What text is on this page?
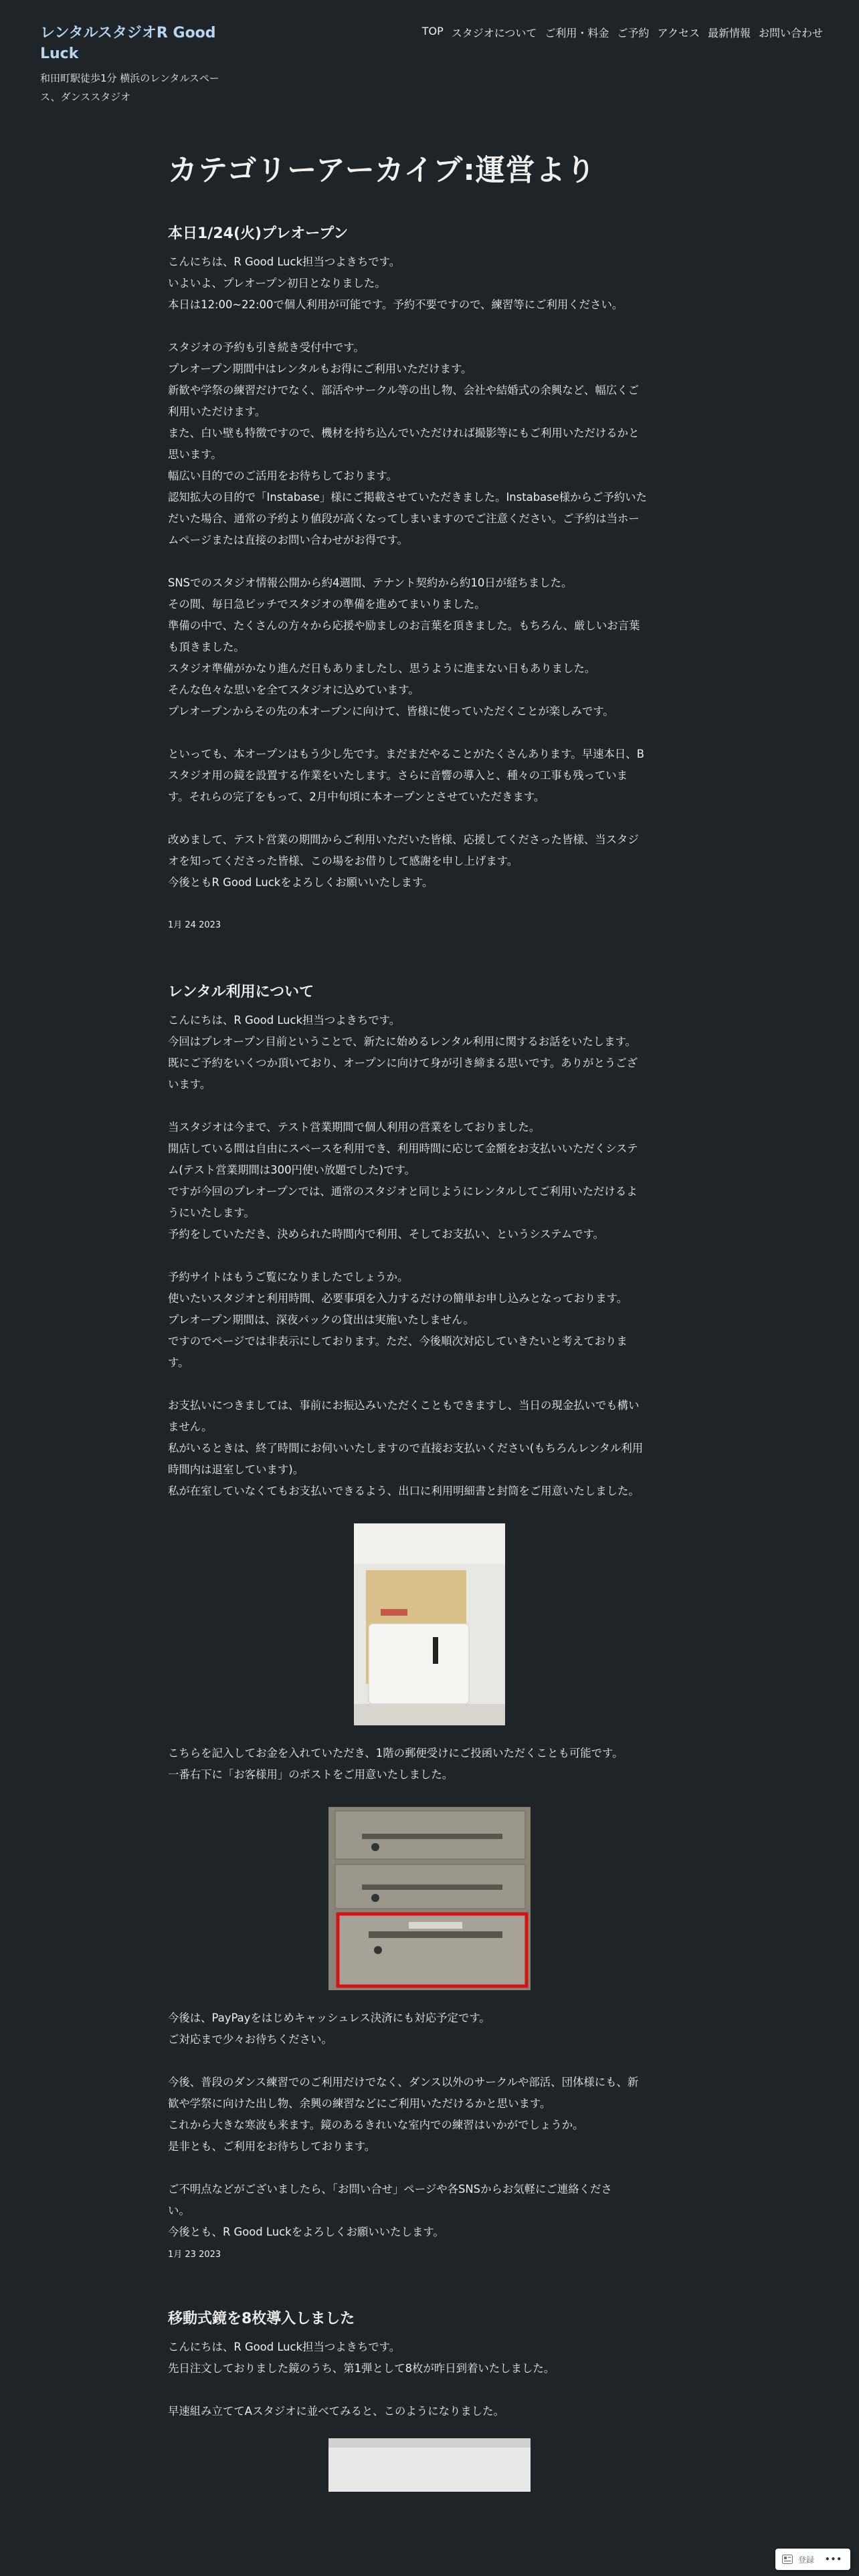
レンタルスタジオR Good Luck
和田町駅徒歩1分 横浜のレンタルスペース、ダンススタジオ
TOP スタジオについて ご利用・料金 ご予約 アクセス 最新情報 お問い合わせ
カテゴリーアーカイブ:運営より
本日1/24(火)プレオープン

こんにちは、R Good Luck担当つよきちです。
いよいよ、プレオープン初日となりました。
本日は12:00~22:00で個人利用が可能です。予約不要ですので、練習等にご利用ください。

スタジオの予約も引き続き受付中です。
プレオープン期間中はレンタルもお得にご利用いただけます。
新歓や学祭の練習だけでなく、部活やサークル等の出し物、会社や結婚式の余興など、幅広くご
利用いただけます。
また、白い壁も特徴ですので、機材を持ち込んでいただければ撮影等にもご利用いただけるかと
思います。
幅広い目的でのご活用をお待ちしております。
認知拡大の目的で「Instabase」様にご掲載させていただきました。Instabase様からご予約いた
だいた場合、通常の予約より値段が高くなってしまいますのでご注意ください。ご予約は当ホー
ムページまたは直接のお問い合わせがお得です。

SNSでのスタジオ情報公開から約4週間、テナント契約から約10日が経ちました。
その間、毎日急ピッチでスタジオの準備を進めてまいりました。
準備の中で、たくさんの方々から応援や励ましのお言葉を頂きました。もちろん、厳しいお言葉
も頂きました。
スタジオ準備がかなり進んだ日もありましたし、思うように進まない日もありました。
そんな色々な思いを全てスタジオに込めています。
プレオープンからその先の本オープンに向けて、皆様に使っていただくことが楽しみです。

といっても、本オープンはもう少し先です。まだまだやることがたくさんあります。早速本日、B
スタジオ用の鏡を設置する作業をいたします。さらに音響の導入と、種々の工事も残っていま
す。それらの完了をもって、2月中旬頃に本オープンとさせていただきます。

改めまして、テスト営業の期間からご利用いただいた皆様、応援してくださった皆様、当スタジ
オを知ってくださった皆様、この場をお借りして感謝を申し上げます。
今後ともR Good Luckをよろしくお願いいたします。

1月 24 2023
レンタル利用について

こんにちは、R Good Luck担当つよきちです。
今回はプレオープン目前ということで、新たに始めるレンタル利用に関するお話をいたします。
既にご予約をいくつか頂いており、オープンに向けて身が引き締まる思いです。ありがとうござ
います。

当スタジオは今まで、テスト営業期間で個人利用の営業をしておりました。
開店している間は自由にスペースを利用でき、利用時間に応じて金額をお支払いいただくシステ
ム(テスト営業期間は300円使い放題でした)です。
ですが今回のプレオープンでは、通常のスタジオと同じようにレンタルしてご利用いただけるよ
うにいたします。
予約をしていただき、決められた時間内で利用、そしてお支払い、というシステムです。

予約サイトはもうご覧になりましたでしょうか。
使いたいスタジオと利用時間、必要事項を入力するだけの簡単お申し込みとなっております。
プレオープン期間は、深夜パックの貸出は実施いたしません。
ですのでページでは非表示にしております。ただ、今後順次対応していきたいと考えておりま
す。

お支払いにつきましては、事前にお振込みいただくこともできますし、当日の現金払いでも構い
ません。
私がいるときは、終了時間にお伺いいたしますので直接お支払いください(もちろんレンタル利用
時間内は退室しています)。
私が在室していなくてもお支払いできるよう、出口に利用明細書と封筒をご用意いたしました。

こちらを記入してお金を入れていただき、1階の郵便受けにご投函いただくことも可能です。
一番右下に「お客様用」のポストをご用意いたしました。

今後は、PayPayをはじめキャッシュレス決済にも対応予定です。
ご対応まで少々お待ちください。

今後、普段のダンス練習でのご利用だけでなく、ダンス以外のサークルや部活、団体様にも、新
歓や学祭に向けた出し物、余興の練習などにご利用いただけるかと思います。
これから大きな寒波も来ます。鏡のあるきれいな室内での練習はいかがでしょうか。
是非とも、ご利用をお待ちしております。

ご不明点などがございましたら、「お問い合せ」ページや各SNSからお気軽にご連絡くださ
い。
今後とも、R Good Luckをよろしくお願いいたします。

1月 23 2023
移動式鏡を8枚導入しました

こんにちは、R Good Luck担当つよきちです。
先日注文しておりました鏡のうち、第1弾として8枚が昨日到着いたしました。

早速組み立ててAスタジオに並べてみると、このようになりました。

登録 •••
